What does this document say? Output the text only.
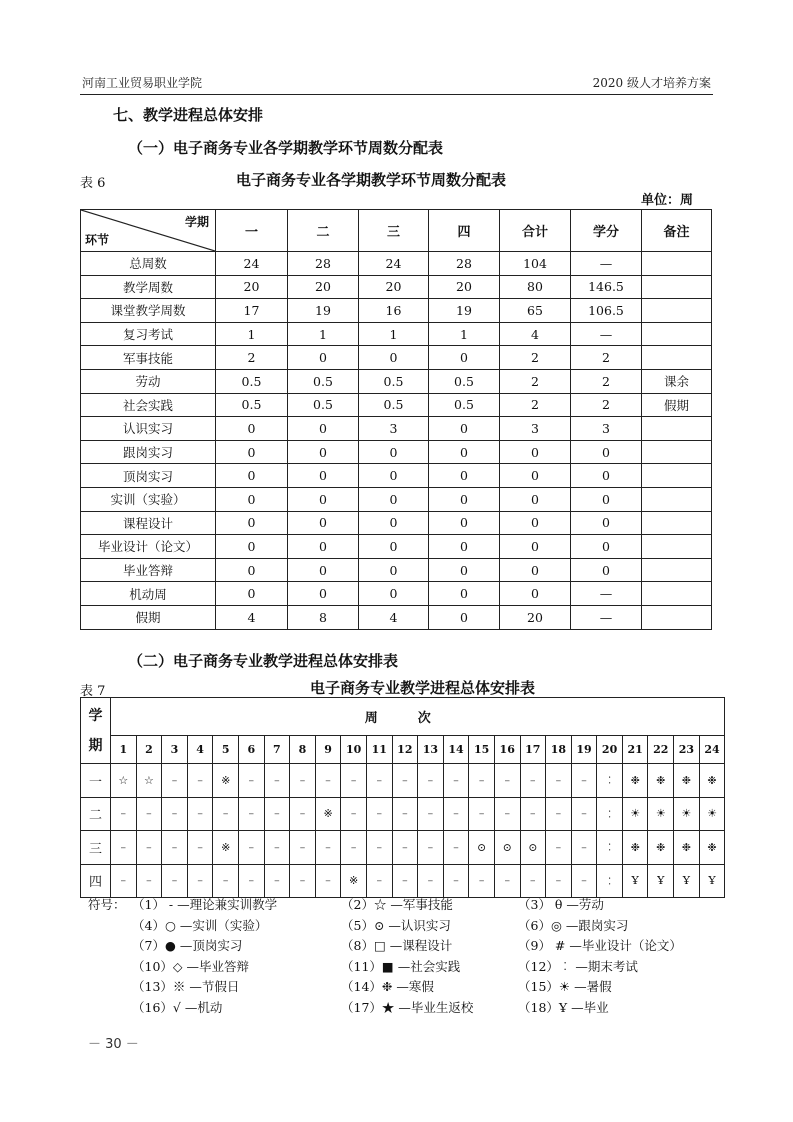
河南工业贸易职业学院	2020 级人才培养方案
七、教学进程总体安排
（一）电子商务专业各学期教学环节周数分配表
表 6	电子商务专业各学期教学环节周数分配表
单位：周
学期
环节	一	二	三	四	合计	学分	备注
总周数	24	28	24	28	104	—	
教学周数	20	20	20	20	80	146.5	
课堂教学周数	17	19	16	19	65	106.5	
复习考试	1	1	1	1	4	—	
军事技能	2	0	0	0	2	2	
劳动	0.5	0.5	0.5	0.5	2	2	课余
社会实践	0.5	0.5	0.5	0.5	2	2	假期
认识实习	0	0	3	0	3	3	
跟岗实习	0	0	0	0	0	0	
顶岗实习	0	0	0	0	0	0	
实训（实验）	0	0	0	0	0	0	
课程设计	0	0	0	0	0	0	
毕业设计（论文）	0	0	0	0	0	0	
毕业答辩	0	0	0	0	0	0	
机动周	0	0	0	0	0	—	
假期	4	8	4	0	20	—	
（二）电子商务专业教学进程总体安排表
表 7	电子商务专业教学进程总体安排表
学
期	周次																							
	1	2	3	4	5	6	7	8	9	10	11	12	13	14	15	16	17	18	19	20	21	22	23	24
一	☆	☆	–	–	※	–	–	–	–	–	–	–	–	–	–	–	–	–	–	︰	❉	❉	❉	❉
二	–	–	–	–	–	–	–	–	※	–	–	–	–	–	–	–	–	–	–	︰	☀	☀	☀	☀
三	–	–	–	–	※	–	–	–	–	–	–	–	–	–	⊙	⊙	⊙	–	–	︰	❉	❉	❉	❉
四	–	–	–	–	–	–	–	–	–	※	–	–	–	–	–	–	–	–	–	︰	Ұ	Ұ	Ұ	Ұ
符号： （1） - —理论兼实训教学	（2）☆ —军事技能	（3） θ —劳动
（4）○ —实训（实验）	（5）⊙ —认识实习	（6）◎ —跟岗实习
（7）● —顶岗实习	（8）□ —课程设计	（9） # —毕业设计（论文）
（10）◇ —毕业答辩	（11）■ —社会实践	（12）︰ —期末考试
（13）※ —节假日	（14）❉ —寒假	（15）☀ —暑假
（16）√ —机动	（17）★ —毕业生返校	（18）Ұ —毕业
－ 30 －
